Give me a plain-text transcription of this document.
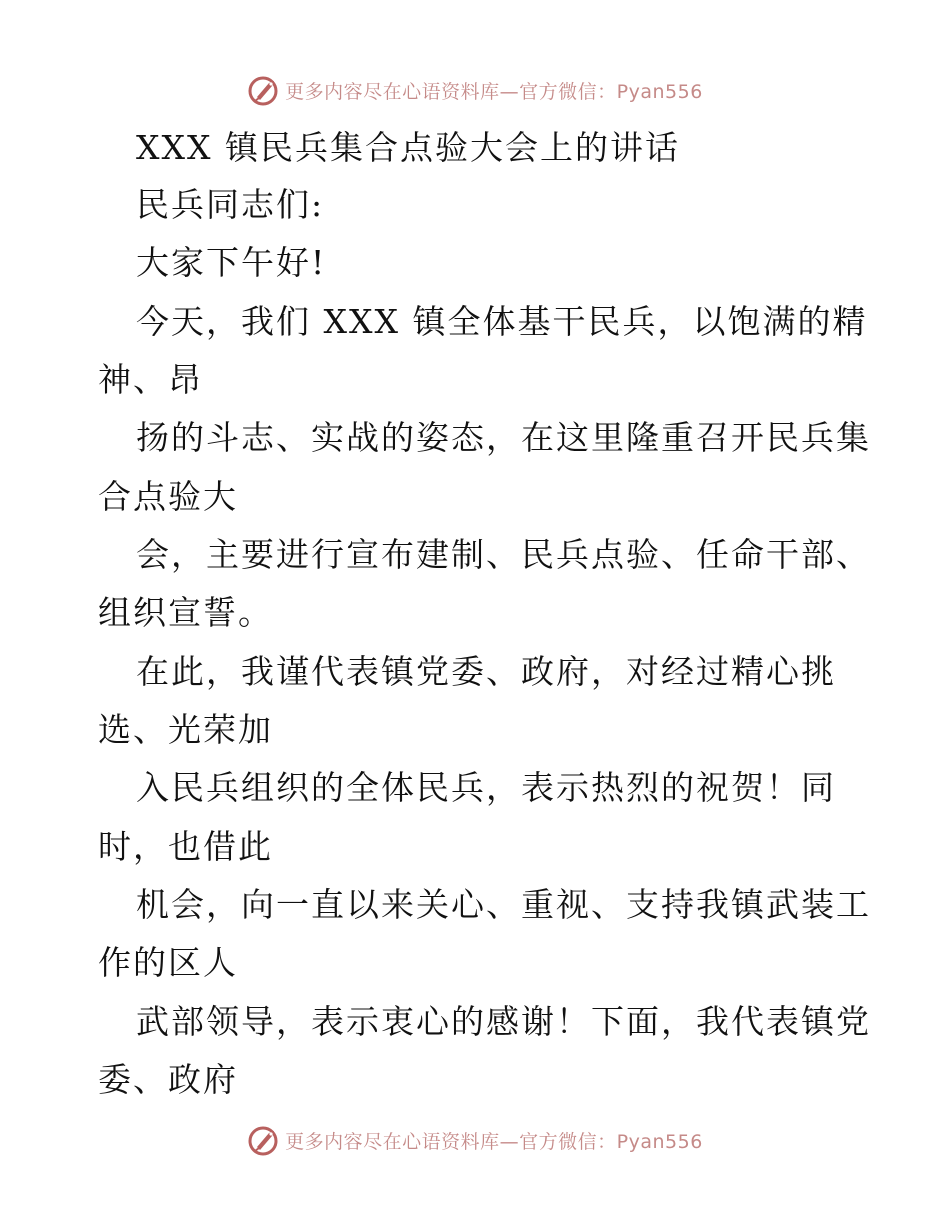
更多内容尽在心语资料库—官方微信：Pyan556
XXX 镇民兵集合点验大会上的讲话
民兵同志们:
大家下午好!
今天，我们 XXX 镇全体基干民兵，以饱满的精
神、昂
扬的斗志、实战的姿态，在这里隆重召开民兵集
合点验大
会，主要进行宣布建制、民兵点验、任命干部、
组织宣誓。
在此，我谨代表镇党委、政府，对经过精心挑
选、光荣加
入民兵组织的全体民兵，表示热烈的祝贺！同
时，也借此
机会，向一直以来关心、重视、支持我镇武装工
作的区人
武部领导，表示衷心的感谢！下面，我代表镇党
委、政府
更多内容尽在心语资料库—官方微信：Pyan556
